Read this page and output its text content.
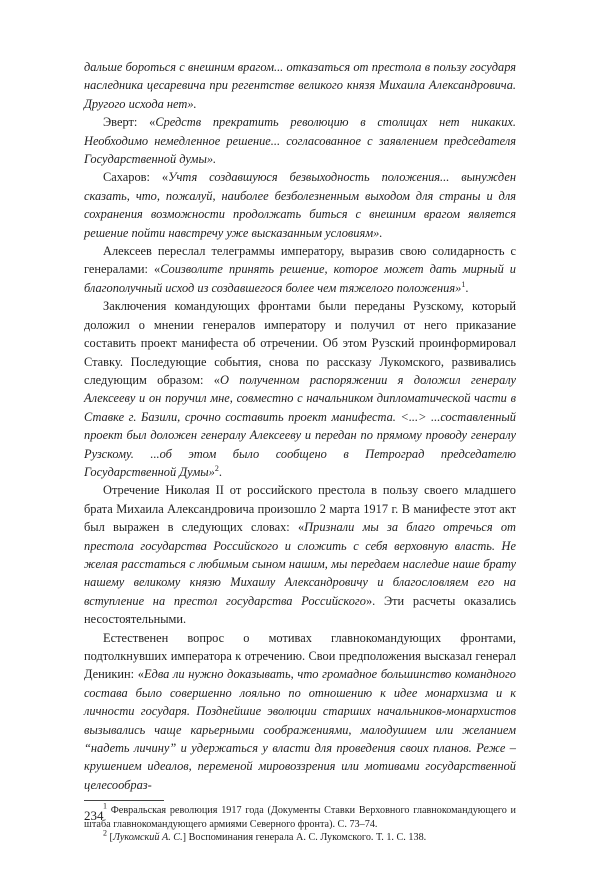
дальше бороться с внешним врагом... отказаться от престола в пользу государя наследника цесаревича при регентстве великого князя Михаила Александровича. Другого исхода нет».

Эверт: «Средств прекратить революцию в столицах нет никаких. Необходимо немедленное решение... согласованное с заявлением председателя Государственной думы».

Сахаров: «Учтя создавшуюся безвыходность положения... вынужден сказать, что, пожалуй, наиболее безболезненным выходом для страны и для сохранения возможности продолжать биться с внешним врагом является решение пойти навстречу уже высказанным условиям».

Алексеев переслал телеграммы императору, выразив свою солидарность с генералами: «Соизволите принять решение, которое может дать мирный и благополучный исход из создавшегося более чем тяжелого положения»$^1$.

Заключения командующих фронтами были переданы Рузскому, который доложил о мнении генералов императору и получил от него приказание составить проект манифеста об отречении. Об этом Рузский проинформировал Ставку. Последующие события, снова по рассказу Лукомского, развивались следующим образом: «О полученном распоряжении я доложил генералу Алексееву и он поручил мне, совместно с начальником дипломатической части в Ставке г. Базили, срочно составить проект манифеста. <...> ...составленный проект был доложен генералу Алексееву и передан по прямому проводу генералу Рузскому. ...об этом было сообщено в Петроград председателю Государственной Думы»$^2$.

Отречение Николая II от российского престола в пользу своего младшего брата Михаила Александровича произошло 2 марта 1917 г. В манифесте этот акт был выражен в следующих словах: «Признали мы за благо отречься от престола государства Российского и сложить с себя верховную власть. Не желая расстаться с любимым сыном нашим, мы передаем наследие наше брату нашему великому князю Михаилу Александровичу и благословляем его на вступление на престол государства Российского». Эти расчеты оказались несостоятельными.

Естественен вопрос о мотивах главнокомандующих фронтами, подтолкнувших императора к отречению. Свои предположения высказал генерал Деникин: «Едва ли нужно доказывать, что громадное большинство командного состава было совершенно лояльно по отношению к идее монархизма и к личности государя. Позднейшие эволюции старших начальников-монархистов вызывались чаще карьерными соображениями, малодушием или желанием “надеть личину” и удержаться у власти для проведения своих планов. Реже – крушением идеалов, переменой мировоззрения или мотивами государственной целесообраз-

$^1$ Февральская революция 1917 года (Документы Ставки Верховного главнокомандующего и штаба главнокомандующего армиями Северного фронта). С. 73–74.

$^2$ [Лукомский А. С.] Воспоминания генерала А. С. Лукомского. Т. 1. С. 138.

234
